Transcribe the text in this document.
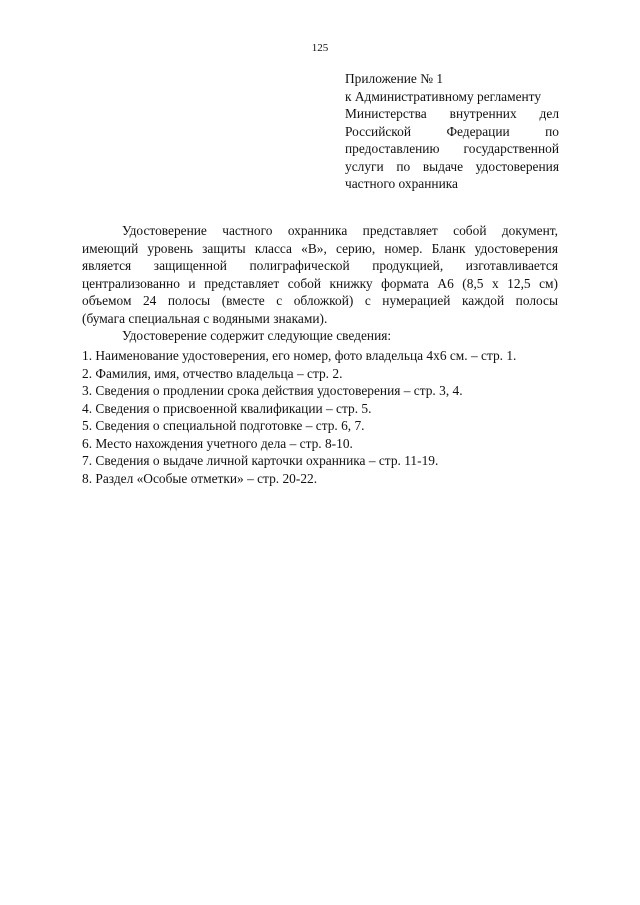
125
Приложение № 1
к Административному регламенту
Министерства внутренних дел
Российской Федерации по
предоставлению государственной
услуги по выдаче удостоверения
частного охранника
Удостоверение частного охранника представляет собой документ,
имеющий уровень защиты класса «В», серию, номер. Бланк удостоверения
является защищенной полиграфической продукцией, изготавливается
централизованно и представляет собой книжку формата А6 (8,5 х 12,5 см)
объемом 24 полосы (вместе с обложкой) с нумерацией каждой полосы
(бумага специальная с водяными знаками).

Удостоверение содержит следующие сведения:

1. Наименование удостоверения, его номер, фото владельца 4х6 см. – стр. 1.
2. Фамилия, имя, отчество владельца – стр. 2.
3. Сведения о продлении срока действия удостоверения – стр. 3, 4.
4. Сведения о присвоенной квалификации – стр. 5.
5. Сведения о специальной подготовке – стр. 6, 7.
6. Место нахождения учетного дела – стр. 8-10.
7. Сведения о выдаче личной карточки охранника – стр. 11-19.
8. Раздел «Особые отметки» – стр. 20-22.
